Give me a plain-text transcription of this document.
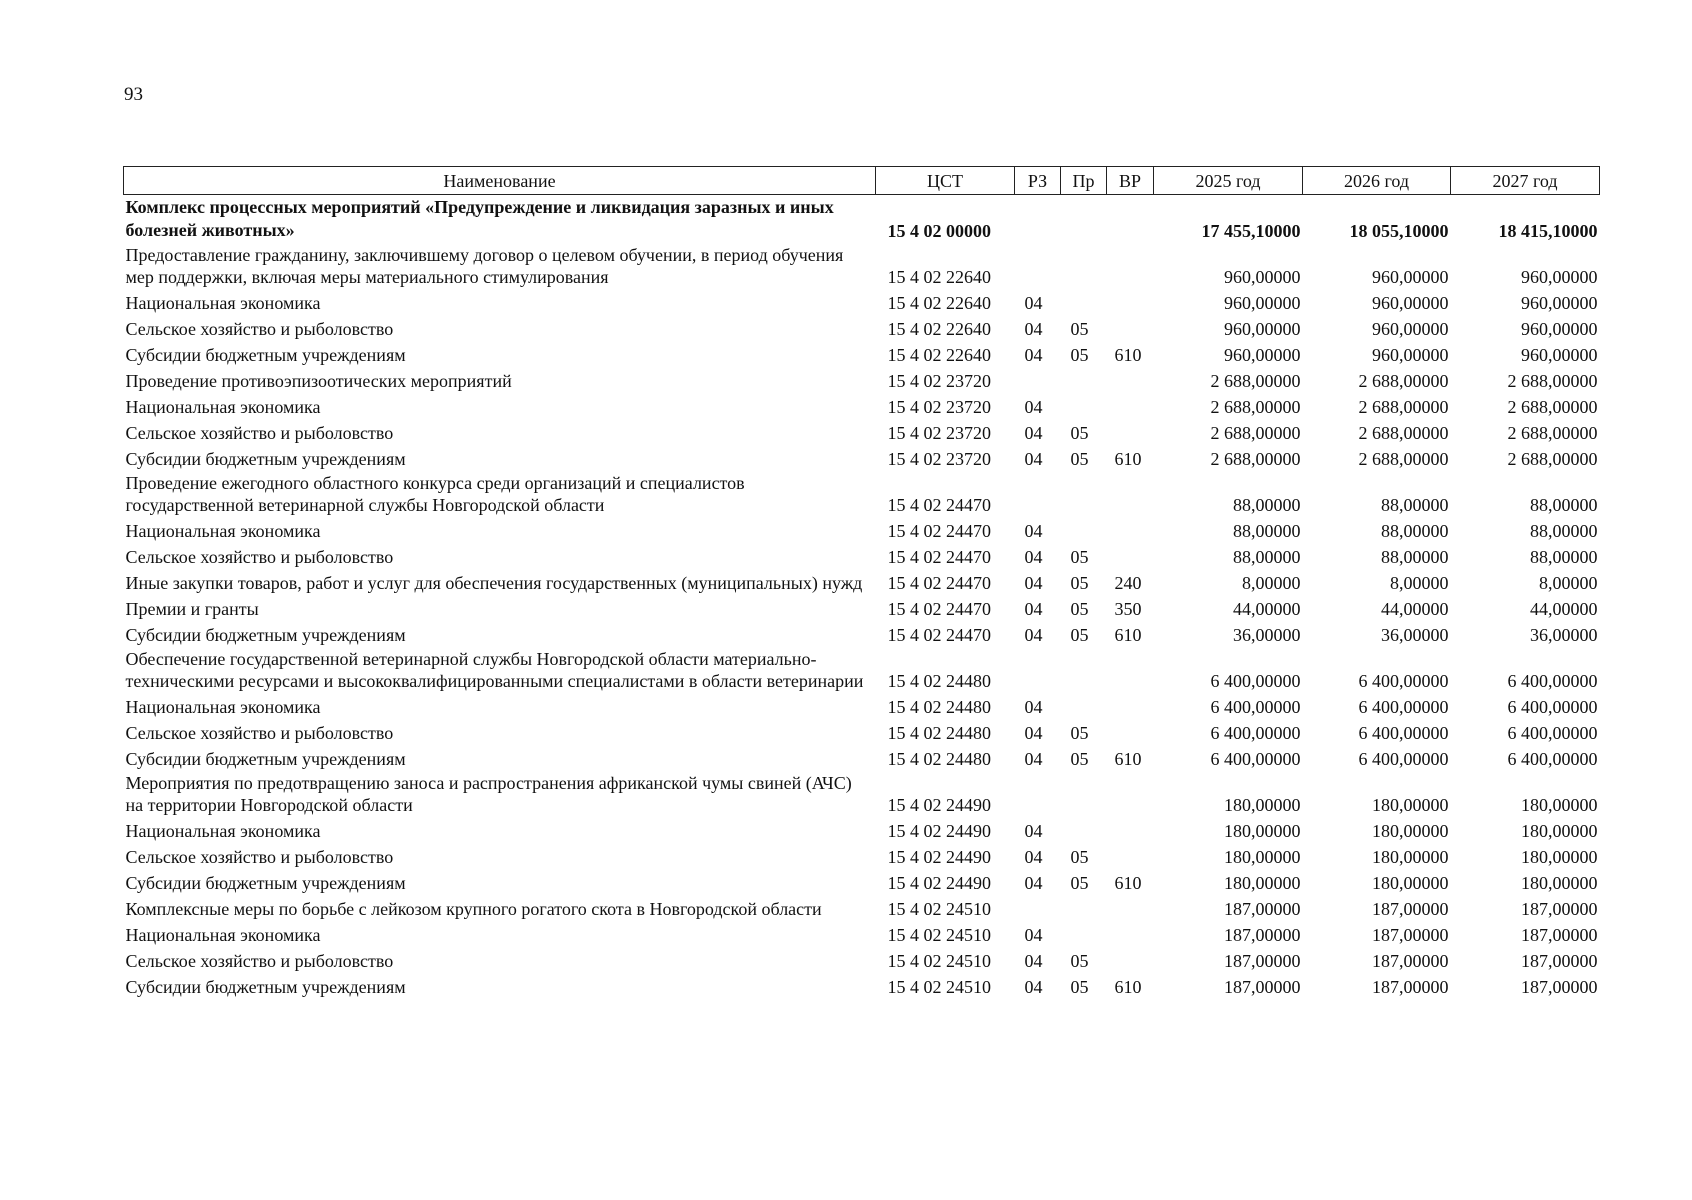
93
Наименование	ЦСТ	РЗ	Пр	ВР	2025 год	2026 год	2027 год
Комплекс процессных мероприятий «Предупреждение и ликвидация заразных и иных болезней животных»	15 4 02 00000				17 455,10000	18 055,10000	18 415,10000
Предоставление гражданину, заключившему договор о целевом обучении, в период обучения мер поддержки, включая меры материального стимулирования	15 4 02 22640				960,00000	960,00000	960,00000
Национальная экономика	15 4 02 22640	04			960,00000	960,00000	960,00000
Сельское хозяйство и рыболовство	15 4 02 22640	04	05		960,00000	960,00000	960,00000
Субсидии бюджетным учреждениям	15 4 02 22640	04	05	610	960,00000	960,00000	960,00000
Проведение противоэпизоотических мероприятий	15 4 02 23720				2 688,00000	2 688,00000	2 688,00000
Национальная экономика	15 4 02 23720	04			2 688,00000	2 688,00000	2 688,00000
Сельское хозяйство и рыболовство	15 4 02 23720	04	05		2 688,00000	2 688,00000	2 688,00000
Субсидии бюджетным учреждениям	15 4 02 23720	04	05	610	2 688,00000	2 688,00000	2 688,00000
Проведение ежегодного областного конкурса среди организаций и специалистов государственной ветеринарной службы Новгородской области	15 4 02 24470				88,00000	88,00000	88,00000
Национальная экономика	15 4 02 24470	04			88,00000	88,00000	88,00000
Сельское хозяйство и рыболовство	15 4 02 24470	04	05		88,00000	88,00000	88,00000
Иные закупки товаров, работ и услуг для обеспечения государственных (муниципальных) нужд	15 4 02 24470	04	05	240	8,00000	8,00000	8,00000
Премии и гранты	15 4 02 24470	04	05	350	44,00000	44,00000	44,00000
Субсидии бюджетным учреждениям	15 4 02 24470	04	05	610	36,00000	36,00000	36,00000
Обеспечение государственной ветеринарной службы Новгородской области материально-техническими ресурсами и высококвалифицированными специалистами в области ветеринарии	15 4 02 24480				6 400,00000	6 400,00000	6 400,00000
Национальная экономика	15 4 02 24480	04			6 400,00000	6 400,00000	6 400,00000
Сельское хозяйство и рыболовство	15 4 02 24480	04	05		6 400,00000	6 400,00000	6 400,00000
Субсидии бюджетным учреждениям	15 4 02 24480	04	05	610	6 400,00000	6 400,00000	6 400,00000
Мероприятия по предотвращению заноса и распространения африканской чумы свиней (АЧС) на территории Новгородской области	15 4 02 24490				180,00000	180,00000	180,00000
Национальная экономика	15 4 02 24490	04			180,00000	180,00000	180,00000
Сельское хозяйство и рыболовство	15 4 02 24490	04	05		180,00000	180,00000	180,00000
Субсидии бюджетным учреждениям	15 4 02 24490	04	05	610	180,00000	180,00000	180,00000
Комплексные меры по борьбе с лейкозом крупного рогатого скота в Новгородской области	15 4 02 24510				187,00000	187,00000	187,00000
Национальная экономика	15 4 02 24510	04			187,00000	187,00000	187,00000
Сельское хозяйство и рыболовство	15 4 02 24510	04	05		187,00000	187,00000	187,00000
Субсидии бюджетным учреждениям	15 4 02 24510	04	05	610	187,00000	187,00000	187,00000
